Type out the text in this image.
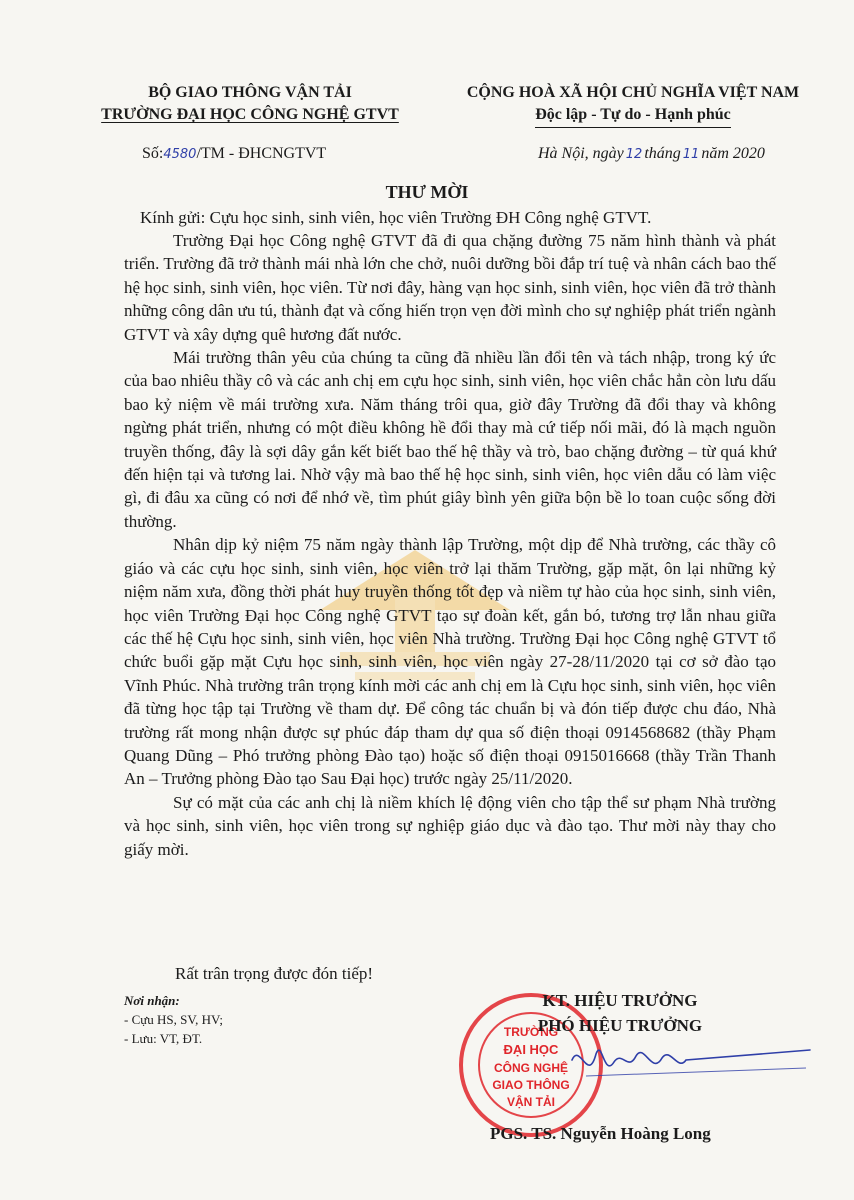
BỘ GIAO THÔNG VẬN TẢI

TRƯỜNG ĐẠI HỌC CÔNG NGHỆ GTVT
CỘNG HOÀ XÃ HỘI CHỦ NGHĨA VIỆT NAM
Độc lập - Tự do - Hạnh phúc
Số:4580/TM - ĐHCNGTVT	Hà Nội, ngày 12 tháng 11 năm 2020
THƯ MỜI
Kính gửi: Cựu học sinh, sinh viên, học viên Trường ĐH Công nghệ GTVT.

Trường Đại học Công nghệ GTVT đã đi qua chặng đường 75 năm hình thành và phát triển. Trường đã trở thành mái nhà lớn che chở, nuôi dưỡng bồi đắp trí tuệ và nhân cách bao thế hệ học sinh, sinh viên, học viên. Từ nơi đây, hàng vạn học sinh, sinh viên, học viên đã trở thành những công dân ưu tú, thành đạt và cống hiến trọn vẹn đời mình cho sự nghiệp phát triển ngành GTVT và xây dựng quê hương đất nước.

Mái trường thân yêu của chúng ta cũng đã nhiều lần đổi tên và tách nhập, trong ký ức của bao nhiêu thầy cô và các anh chị em cựu học sinh, sinh viên, học viên chắc hẳn còn lưu dấu bao kỷ niệm về mái trường xưa. Năm tháng trôi qua, giờ đây Trường đã đổi thay và không ngừng phát triển, nhưng có một điều không hề đổi thay mà cứ tiếp nối mãi, đó là mạch nguồn truyền thống, đây là sợi dây gắn kết biết bao thế hệ thầy và trò, bao chặng đường – từ quá khứ đến hiện tại và tương lai. Nhờ vậy mà bao thế hệ học sinh, sinh viên, học viên dẫu có làm việc gì, đi đâu xa cũng có nơi để nhớ về, tìm phút giây bình yên giữa bộn bề lo toan cuộc sống đời thường.

Nhân dịp kỷ niệm 75 năm ngày thành lập Trường, một dịp để Nhà trường, các thầy cô giáo và các cựu học sinh, sinh viên, học viên trở lại thăm Trường, gặp mặt, ôn lại những kỷ niệm năm xưa, đồng thời phát huy truyền thống tốt đẹp và niềm tự hào của học sinh, sinh viên, học viên Trường Đại học Công nghệ GTVT tạo sự đoàn kết, gắn bó, tương trợ lẫn nhau giữa các thế hệ Cựu học sinh, sinh viên, học viên Nhà trường. Trường Đại học Công nghệ GTVT tổ chức buổi gặp mặt Cựu học sinh, sinh viên, học viên ngày 27-28/11/2020 tại cơ sở đào tạo Vĩnh Phúc. Nhà trường trân trọng kính mời các anh chị em là Cựu học sinh, sinh viên, học viên đã từng học tập tại Trường về tham dự. Để công tác chuẩn bị và đón tiếp được chu đáo, Nhà trường rất mong nhận được sự phúc đáp tham dự qua số điện thoại 0914568682 (thầy Phạm Quang Dũng – Phó trưởng phòng Đào tạo) hoặc số điện thoại 0915016668 (thầy Trần Thanh An – Trưởng phòng Đào tạo Sau Đại học) trước ngày 25/11/2020.

Sự có mặt của các anh chị là niềm khích lệ động viên cho tập thể sư phạm Nhà trường và học sinh, sinh viên, học viên trong sự nghiệp giáo dục và đào tạo. Thư mời này thay cho giấy mời.

Rất trân trọng được đón tiếp!
Nơi nhận:
- Cựu HS, SV, HV;
- Lưu: VT, ĐT.	TRƯỜNG
ĐẠI HỌC
CÔNG NGHỆ
GIAO THÔNG
VẬN TẢI
KT. HIỆU TRƯỞNG
PHÓ HIỆU TRƯỞNG
PGS. TS. Nguyễn Hoàng Long
